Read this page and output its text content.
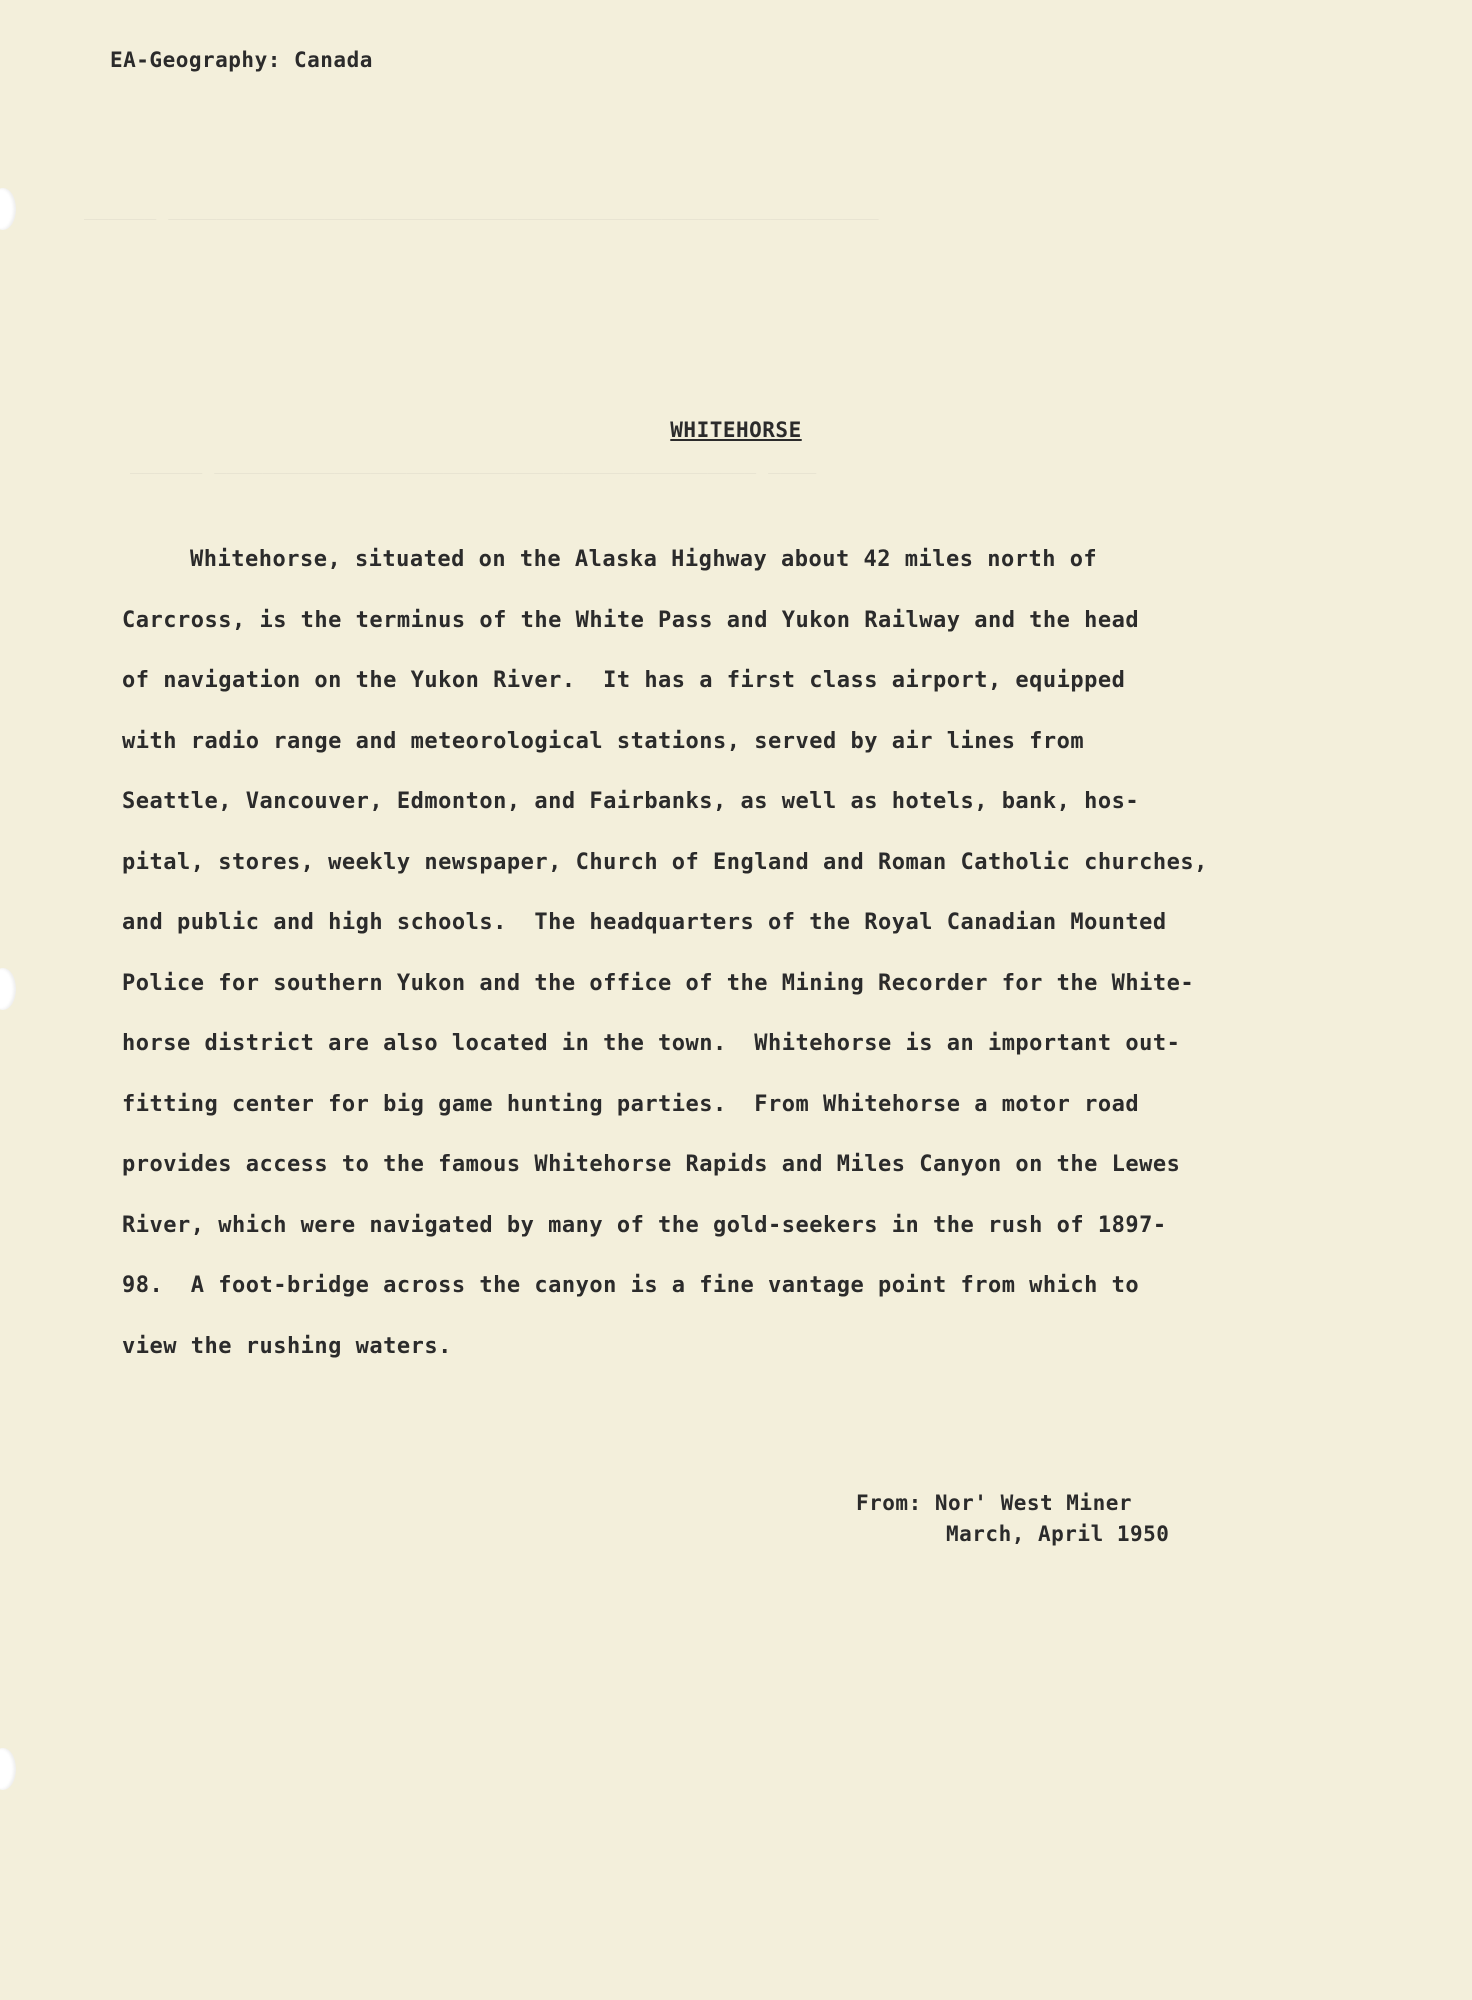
______ ___________________________________________________________
______ _____________________________________________ ____
EA-Geography: Canada
WHITEHORSE
Whitehorse, situated on the Alaska Highway about 42 miles north of
Carcross, is the terminus of the White Pass and Yukon Railway and the head
of navigation on the Yukon River.  It has a first class airport, equipped
with radio range and meteorological stations, served by air lines from
Seattle, Vancouver, Edmonton, and Fairbanks, as well as hotels, bank, hos-
pital, stores, weekly newspaper, Church of England and Roman Catholic churches,
and public and high schools.  The headquarters of the Royal Canadian Mounted
Police for southern Yukon and the office of the Mining Recorder for the White-
horse district are also located in the town.  Whitehorse is an important out-
fitting center for big game hunting parties.  From Whitehorse a motor road
provides access to the famous Whitehorse Rapids and Miles Canyon on the Lewes
River, which were navigated by many of the gold-seekers in the rush of 1897-
98.  A foot-bridge across the canyon is a fine vantage point from which to
view the rushing waters.
From: Nor' West Miner
March, April 1950
